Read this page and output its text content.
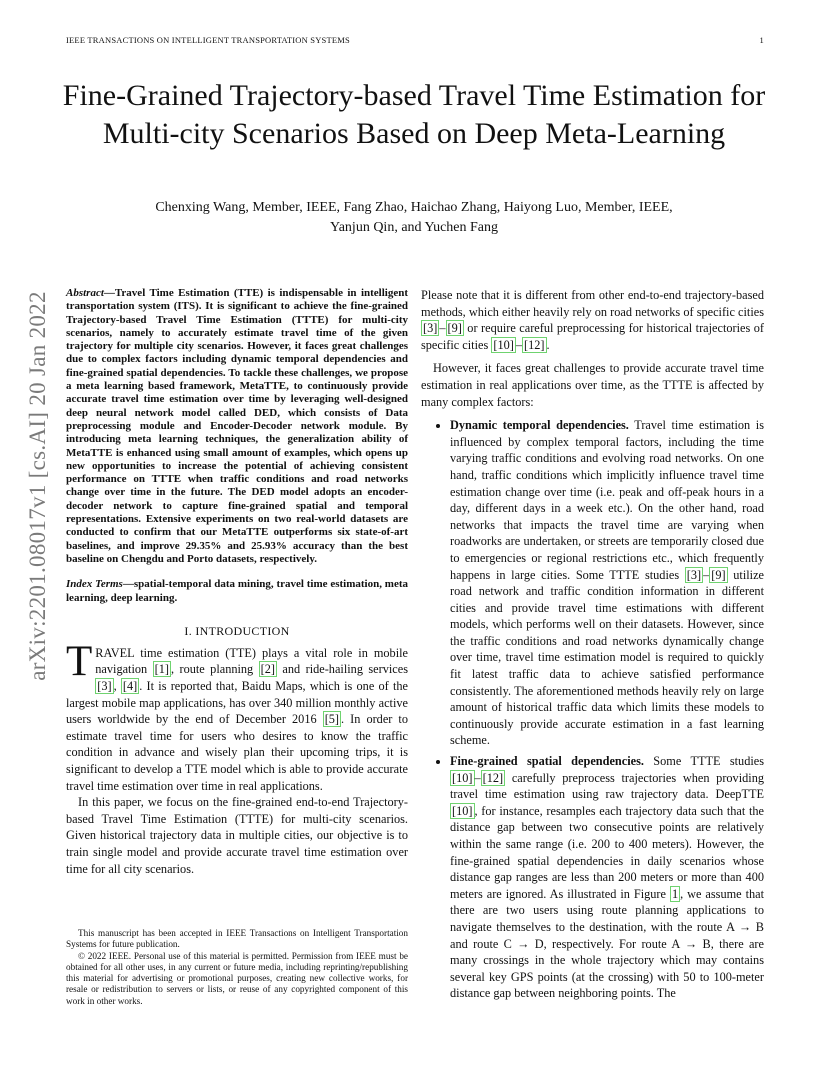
IEEE TRANSACTIONS ON INTELLIGENT TRANSPORTATION SYSTEMS	1
Fine-Grained Trajectory-based Travel Time Estimation for Multi-city Scenarios Based on Deep Meta-Learning
Chenxing Wang, Member, IEEE, Fang Zhao, Haichao Zhang, Haiyong Luo, Member, IEEE,
Yanjun Qin, and Yuchen Fang
arXiv:2201.08017v1 [cs.AI] 20 Jan 2022 Abstract—Travel Time Estimation (TTE) is indispensable in intelligent transportation system (ITS). It is significant to achieve the fine-grained Trajectory-based Travel Time Estimation (TTTE) for multi-city scenarios, namely to accurately estimate travel time of the given trajectory for multiple city scenarios. However, it faces great challenges due to complex factors including dynamic temporal dependencies and fine-grained spatial dependencies. To tackle these challenges, we propose a meta learning based framework, MetaTTE, to continuously provide accurate travel time estimation over time by leveraging well-designed deep neural network model called DED, which consists of Data preprocessing module and Encoder-Decoder network module. By introducing meta learning techniques, the generalization ability of MetaTTE is enhanced using small amount of examples, which opens up new opportunities to increase the potential of achieving consistent performance on TTTE when traffic conditions and road networks change over time in the future. The DED model adopts an encoder-decoder network to capture fine-grained spatial and temporal representations. Extensive experiments on two real-world datasets are conducted to confirm that our MetaTTE outperforms six state-of-art baselines, and improve 29.35% and 25.93% accuracy than the best baseline on Chengdu and Porto datasets, respectively.

Index Terms—spatial-temporal data mining, travel time estimation, meta learning, deep learning.

I. INTRODUCTION

TRAVEL time estimation (TTE) plays a vital role in mobile navigation [1] , route planning [2] and ride-hailing services [3] , [4] . It is reported that, Baidu Maps, which is one of the largest mobile map applications, has over 340 million monthly active users worldwide by the end of December 2016 [5] . In order to estimate travel time for users who desires to know the traffic condition in advance and wisely plan their upcoming trips, it is significant to develop a TTE model which is able to provide accurate travel time estimation over time in real applications.

In this paper, we focus on the fine-grained end-to-end Trajectory-based Travel Time Estimation (TTTE) for multi-city scenarios. Given historical trajectory data in multiple cities, our objective is to train single model and provide accurate travel time estimation over time for all city scenarios.

This manuscript has been accepted in IEEE Transactions on Intelligent Transportation Systems for future publication.

© 2022 IEEE. Personal use of this material is permitted. Permission from IEEE must be obtained for all other uses, in any current or future media, including reprinting/republishing this material for advertising or promotional purposes, creating new collective works, for resale or redistribution to servers or lists, or reuse of any copyrighted component of this work in other works.

Please note that it is different from other end-to-end trajectory-based methods, which either heavily rely on road networks of specific cities [3] – [9] or require careful preprocessing for historical trajectories of specific cities [10] – [12] .

However, it faces great challenges to provide accurate travel time estimation in real applications over time, as the TTTE is affected by many complex factors:

• Dynamic temporal dependencies. Travel time estimation is influenced by complex temporal factors, including the time varying traffic conditions and evolving road networks. On one hand, traffic conditions which implicitly influence travel time estimation change over time (i.e. peak and off-peak hours in a day, different days in a week etc.). On the other hand, road networks that impacts the travel time are varying when roadworks are undertaken, or streets are temporarily closed due to emergencies or regional restrictions etc., which frequently happens in large cities. Some TTTE studies [3] – [9] utilize road network and traffic condition information in different cities and provide travel time estimations with different models, which performs well on their datasets. However, since the traffic conditions and road networks dynamically change over time, travel time estimation model is required to quickly fit latest traffic data to achieve satisfied performance consistently. The aforementioned methods heavily rely on large amount of historical traffic data which limits these models to continuously provide accurate estimation in a fast learning scheme.
• Fine-grained spatial dependencies. Some TTTE studies [10] – [12] carefully preprocess trajectories when providing travel time estimation using raw trajectory data. DeepTTE [10] , for instance, resamples each trajectory data such that the distance gap between two consecutive points are relatively within the same range (i.e. 200 to 400 meters). However, the fine-grained spatial dependencies in daily scenarios whose distance gap ranges are less than 200 meters or more than 400 meters are ignored. As illustrated in Figure 1 , we assume that there are two users using route planning applications to navigate themselves to the destination, with the route A → B and route C → D, respectively. For route A → B, there are many crossings in the whole trajectory which may contains several key GPS points (at the crossing) with 50 to 100-meter distance gap between neighboring points. The
